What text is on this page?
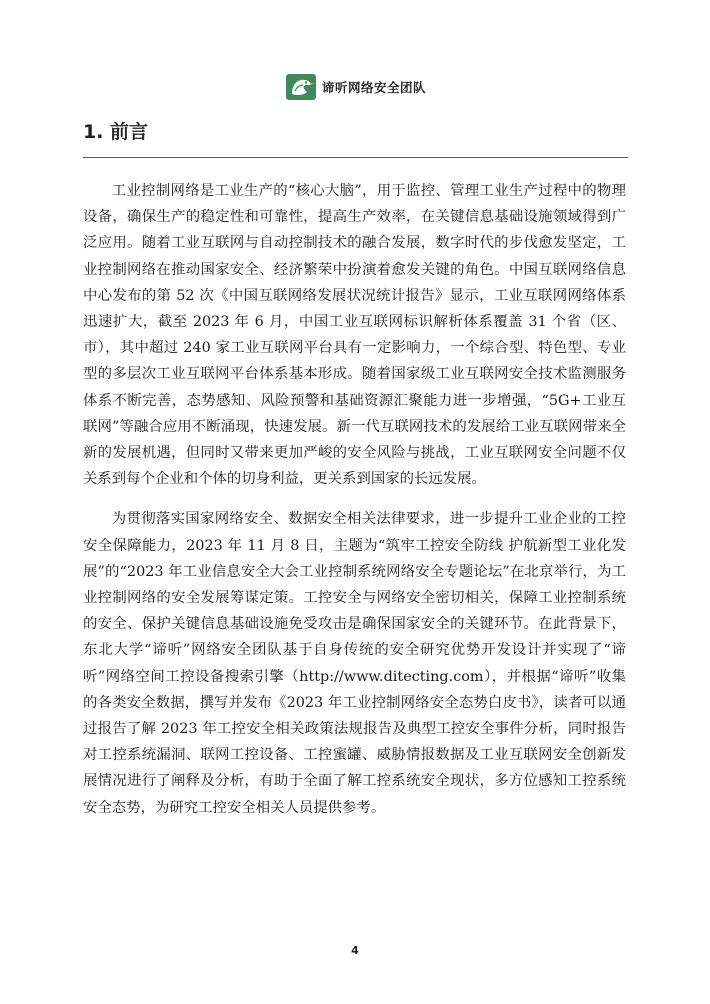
谛听网络安全团队
1. 前言

工业控制网络是工业生产的“核心大脑”，用于监控、管理工业生产过程中的物理设备，确保生产的稳定性和可靠性，提高生产效率，在关键信息基础设施领域得到广泛应用。随着工业互联网与自动控制技术的融合发展，数字时代的步伐愈发坚定，工业控制网络在推动国家安全、经济繁荣中扮演着愈发关键的角色。中国互联网络信息中心发布的第 52 次《中国互联网络发展状况统计报告》显示，工业互联网网络体系迅速扩大，截至 2023 年 6 月，中国工业互联网标识解析体系覆盖 31 个省（区、市），其中超过 240 家工业互联网平台具有一定影响力，一个综合型、特色型、专业型的多层次工业互联网平台体系基本形成。随着国家级工业互联网安全技术监测服务体系不断完善，态势感知、风险预警和基础资源汇聚能力进一步增强，“5G+工业互联网”等融合应用不断涌现，快速发展。新一代互联网技术的发展给工业互联网带来全新的发展机遇，但同时又带来更加严峻的安全风险与挑战，工业互联网安全问题不仅关系到每个企业和个体的切身利益，更关系到国家的长远发展。

为贯彻落实国家网络安全、数据安全相关法律要求，进一步提升工业企业的工控安全保障能力，2023 年 11 月 8 日，主题为“筑牢工控安全防线 护航新型工业化发展”的“2023 年工业信息安全大会工业控制系统网络安全专题论坛”在北京举行，为工业控制网络的安全发展筹谋定策。工控安全与网络安全密切相关，保障工业控制系统的安全、保护关键信息基础设施免受攻击是确保国家安全的关键环节。在此背景下，东北大学“谛听”网络安全团队基于自身传统的安全研究优势开发设计并实现了“谛听”网络空间工控设备搜索引擎（http://www.ditecting.com），并根据“谛听”收集的各类安全数据，撰写并发布《2023 年工业控制网络安全态势白皮书》，读者可以通过报告了解 2023 年工控安全相关政策法规报告及典型工控安全事件分析，同时报告对工控系统漏洞、联网工控设备、工控蜜罐、威胁情报数据及工业互联网安全创新发展情况进行了阐释及分析，有助于全面了解工控系统安全现状，多方位感知工控系统安全态势，为研究工控安全相关人员提供参考。

4
